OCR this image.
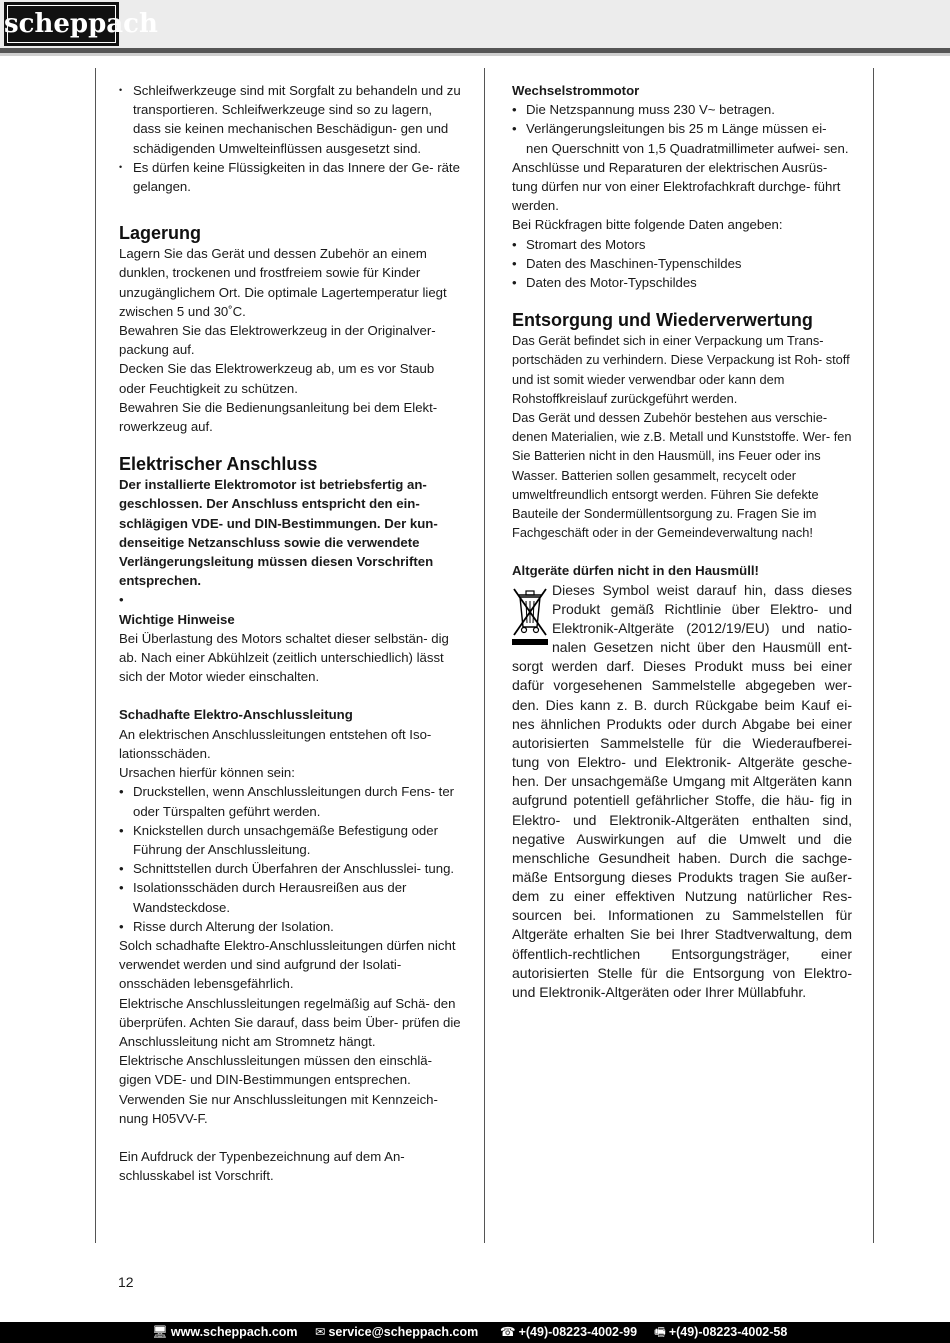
scheppach

• Schleifwerkzeuge sind mit Sorgfalt zu behandeln und zu transportieren. Schleifwerkzeuge sind so zu lagern, dass sie keinen mechanischen Beschädigun- gen und schädigenden Umwelteinflüssen ausgesetzt sind.

• Es dürfen keine Flüssigkeiten in das Innere der Ge- räte gelangen.

Lagerung

Lagern Sie das Gerät und dessen Zubehör an einem dunklen, trockenen und frostfreiem sowie für Kinder unzugänglichem Ort. Die optimale Lagertemperatur liegt zwischen 5 und 30˚C.

Bewahren Sie das Elektrowerkzeug in der Originalver- packung auf.

Decken Sie das Elektrowerkzeug ab, um es vor Staub oder Feuchtigkeit zu schützen.

Bewahren Sie die Bedienungsanleitung bei dem Elekt- rowerkzeug auf.

Elektrischer Anschluss

Der installierte Elektromotor ist betriebsfertig an- geschlossen. Der Anschluss entspricht den ein- schlägigen VDE- und DIN-Bestimmungen. Der kun- denseitige Netzanschluss sowie die verwendete Verlängerungsleitung müssen diesen Vorschriften entsprechen.

•

Wichtige Hinweise

Bei Überlastung des Motors schaltet dieser selbstän- dig ab. Nach einer Abkühlzeit (zeitlich unterschiedlich) lässt sich der Motor wieder einschalten.

Schadhafte Elektro-Anschlussleitung

An elektrischen Anschlussleitungen entstehen oft Iso- lationsschäden.

Ursachen hierfür können sein:

• Druckstellen, wenn Anschlussleitungen durch Fens- ter oder Türspalten geführt werden.

• Knickstellen durch unsachgemäße Befestigung oder Führung der Anschlussleitung.

• Schnittstellen durch Überfahren der Anschlusslei- tung.

• Isolationsschäden durch Herausreißen aus der Wandsteckdose.

• Risse durch Alterung der Isolation.

Solch schadhafte Elektro-Anschlussleitungen dürfen nicht verwendet werden und sind aufgrund der Isolati- onsschäden lebensgefährlich.

Elektrische Anschlussleitungen regelmäßig auf Schä- den überprüfen. Achten Sie darauf, dass beim Über- prüfen die Anschlussleitung nicht am Stromnetz hängt.

Elektrische Anschlussleitungen müssen den einschlä- gigen VDE- und DIN-Bestimmungen entsprechen.

Verwenden Sie nur Anschlussleitungen mit Kennzeich- nung H05VV-F.

Ein Aufdruck der Typenbezeichnung auf dem An- schlusskabel ist Vorschrift.

Wechselstrommotor

• Die Netzspannung muss 230 V~ betragen.

• Verlängerungsleitungen bis 25 m Länge müssen ei- nen Querschnitt von 1,5 Quadratmillimeter aufwei- sen.

Anschlüsse und Reparaturen der elektrischen Ausrüs- tung dürfen nur von einer Elektrofachkraft durchge- führt werden.

Bei Rückfragen bitte folgende Daten angeben:

• Stromart des Motors

• Daten des Maschinen-Typenschildes

• Daten des Motor-Typschildes

Entsorgung und Wiederverwertung

Das Gerät befindet sich in einer Verpackung um Trans- portschäden zu verhindern. Diese Verpackung ist Roh- stoff und ist somit wieder verwendbar oder kann dem Rohstoffkreislauf zurückgeführt werden.

Das Gerät und dessen Zubehör bestehen aus verschie- denen Materialien, wie z.B. Metall und Kunststoffe. Wer- fen Sie Batterien nicht in den Hausmüll, ins Feuer oder ins Wasser. Batterien sollen gesammelt, recycelt oder umweltfreundlich entsorgt werden. Führen Sie defekte Bauteile der Sondermüllentsorgung zu. Fragen Sie im Fachgeschäft oder in der Gemeindeverwaltung nach!

Altgeräte dürfen nicht in den Hausmüll!

Dieses Symbol weist darauf hin, dass dieses Produkt gemäß Richtlinie über Elektro- und Elektronik-Altgeräte (2012/19/EU) und natio- nalen Gesetzen nicht über den Hausmüll ent- sorgt werden darf. Dieses Produkt muss bei einer dafür vorgesehenen Sammelstelle abgegeben wer- den. Dies kann z. B. durch Rückgabe beim Kauf ei- nes ähnlichen Produkts oder durch Abgabe bei einer autorisierten Sammelstelle für die Wiederaufberei- tung von Elektro- und Elektronik- Altgeräte gesche- hen. Der unsachgemäße Umgang mit Altgeräten kann aufgrund potentiell gefährlicher Stoffe, die häu- fig in Elektro- und Elektronik-Altgeräten enthalten sind, negative Auswirkungen auf die Umwelt und die menschliche Gesundheit haben. Durch die sachge- mäße Entsorgung dieses Produkts tragen Sie außer- dem zu einer effektiven Nutzung natürlicher Res- sourcen bei. Informationen zu Sammelstellen für Altgeräte erhalten Sie bei Ihrer Stadtverwaltung, dem öffentlich-rechtlichen Entsorgungsträger, einer autorisierten Stelle für die Entsorgung von Elektro- und Elektronik-Altgeräten oder Ihrer Müllabfuhr.
12
🖥 www.scheppach.com ✉ service@scheppach.com ☎ +(49)-08223-4002-99 🖷 +(49)-08223-4002-58
